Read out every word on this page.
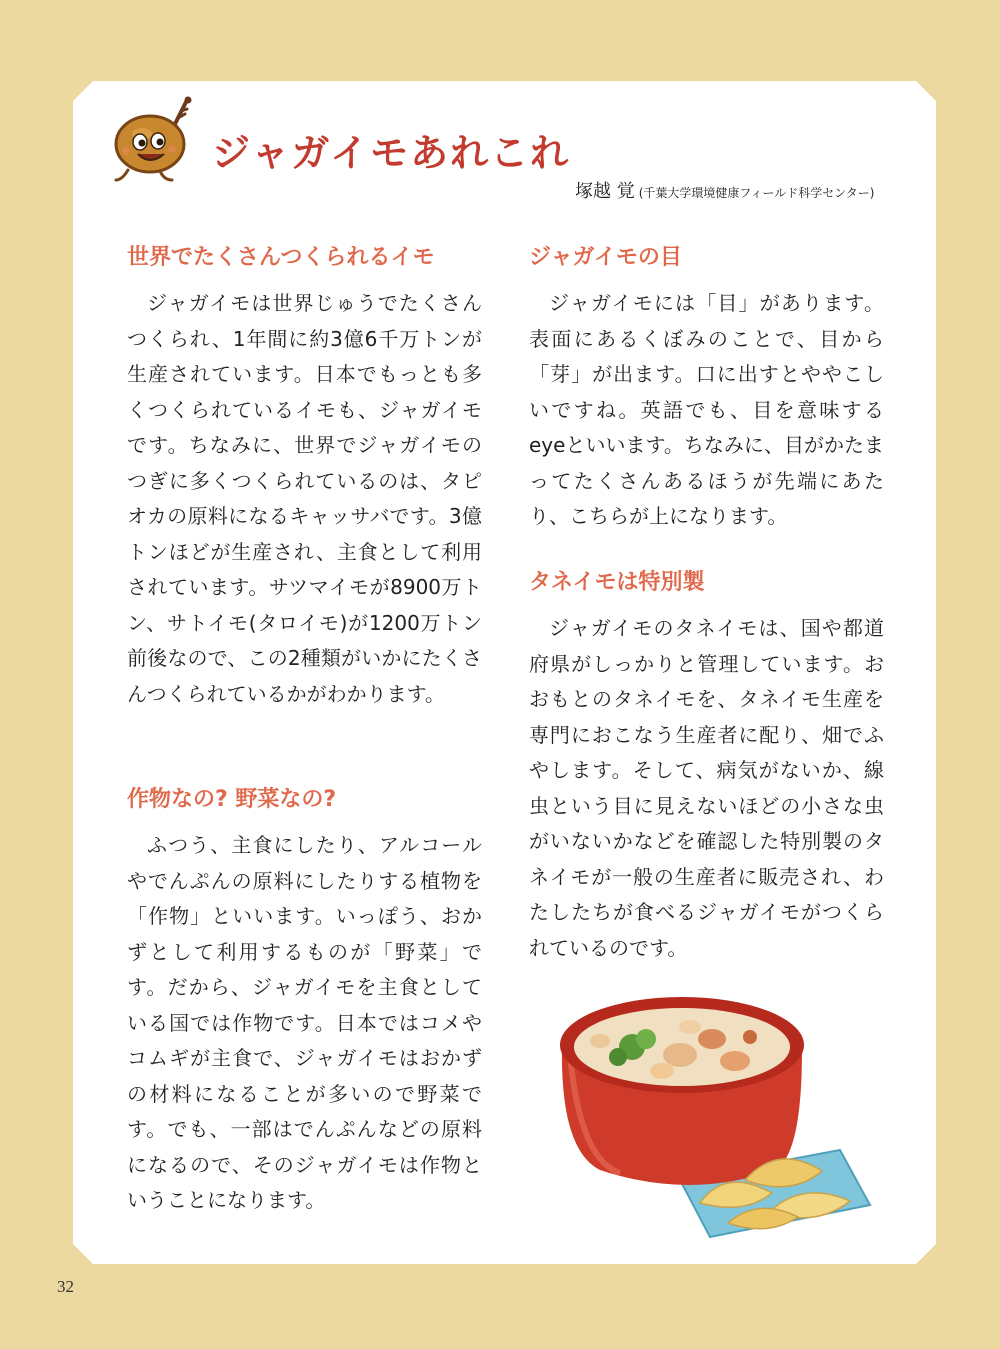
ジャガイモあれこれ
塚越 覚 (千葉大学環境健康フィールド科学センター)
世界でたくさんつくられるイモ

ジャガイモは世界じゅうでたくさんつくられ、1年間に約3億6千万トンが生産されています。日本でもっとも多くつくられているイモも、ジャガイモです。ちなみに、世界でジャガイモのつぎに多くつくられているのは、タピオカの原料になるキャッサバです。3億トンほどが生産され、主食として利用されています。サツマイモが8900万トン、サトイモ(タロイモ)が1200万トン前後なので、この2種類がいかにたくさんつくられているかがわかります。

作物なの? 野菜なの?

ふつう、主食にしたり、アルコールやでんぷんの原料にしたりする植物を「作物」といいます。いっぽう、おかずとして利用するものが「野菜」です。だから、ジャガイモを主食としている国では作物です。日本ではコメやコムギが主食で、ジャガイモはおかずの材料になることが多いので野菜です。でも、一部はでんぷんなどの原料になるので、そのジャガイモは作物ということになります。

ジャガイモの目

ジャガイモには「目」があります。表面にあるくぼみのことで、目から「芽」が出ます。口に出すとややこしいですね。英語でも、目を意味するeyeといいます。ちなみに、目がかたまってたくさんあるほうが先端にあたり、こちらが上になります。

タネイモは特別製

ジャガイモのタネイモは、国や都道府県がしっかりと管理しています。おおもとのタネイモを、タネイモ生産を専門におこなう生産者に配り、畑でふやします。そして、病気がないか、線虫という目に見えないほどの小さな虫がいないかなどを確認した特別製のタネイモが一般の生産者に販売され、わたしたちが食べるジャガイモがつくられているのです。

32
